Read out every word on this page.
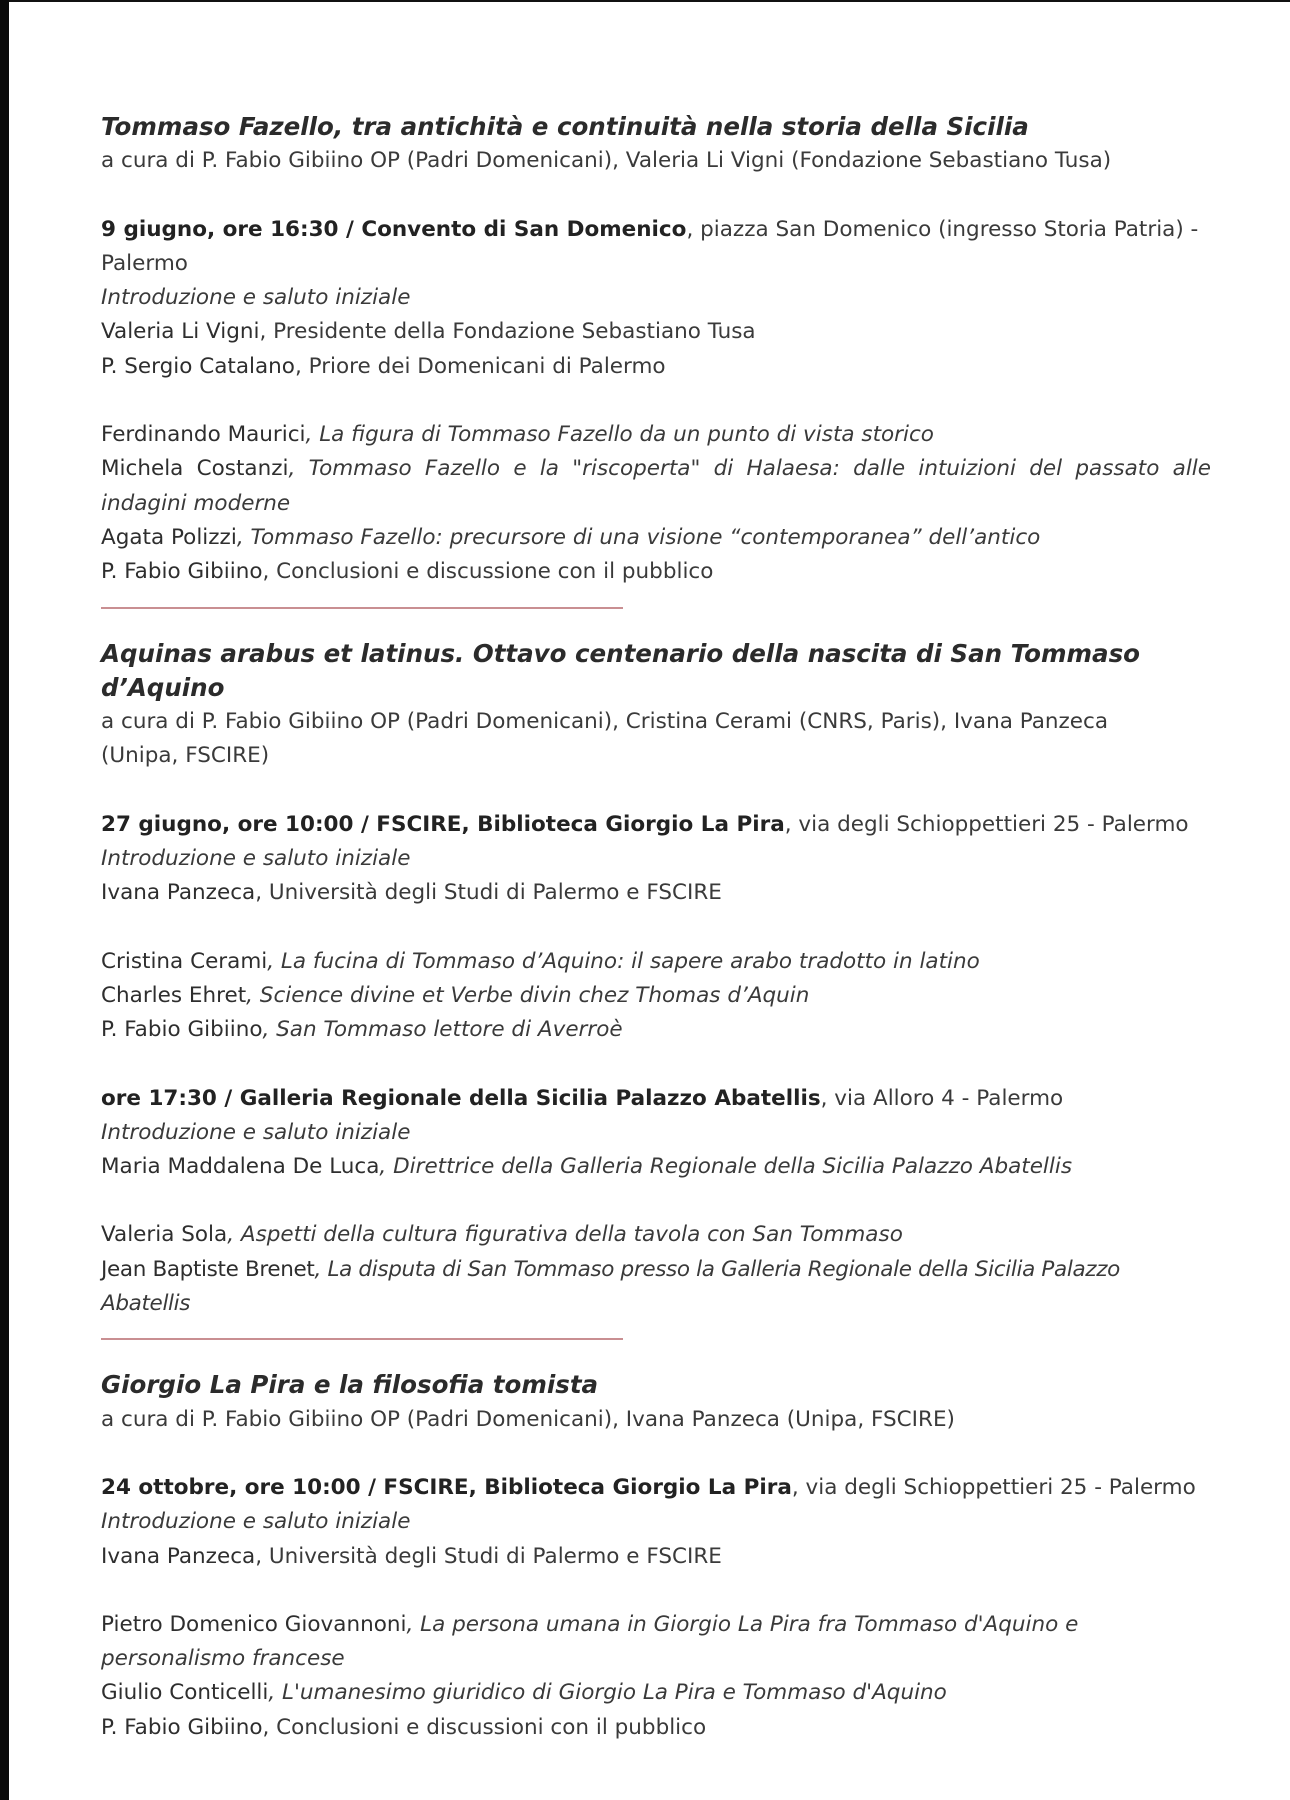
Tommaso Fazello, tra antichità e continuità nella storia della Sicilia

a cura di P. Fabio Gibiino OP (Padri Domenicani), Valeria Li Vigni (Fondazione Sebastiano Tusa)

9 giugno, ore 16:30 / Convento di San Domenico, piazza San Domenico (ingresso Storia Patria) - Palermo

Introduzione e saluto iniziale

Valeria Li Vigni, Presidente della Fondazione Sebastiano Tusa

P. Sergio Catalano, Priore dei Domenicani di Palermo

Ferdinando Maurici, La figura di Tommaso Fazello da un punto di vista storico

Michela Costanzi, Tommaso Fazello e la "riscoperta" di Halaesa: dalle intuizioni del passato alle indagini moderne

Agata Polizzi, Tommaso Fazello: precursore di una visione “contemporanea” dell’antico

P. Fabio Gibiino, Conclusioni e discussione con il pubblico

Aquinas arabus et latinus. Ottavo centenario della nascita di San Tommaso d’Aquino

a cura di P. Fabio Gibiino OP (Padri Domenicani), Cristina Cerami (CNRS, Paris), Ivana Panzeca

(Unipa, FSCIRE)

27 giugno, ore 10:00 / FSCIRE, Biblioteca Giorgio La Pira, via degli Schioppettieri 25 - Palermo

Introduzione e saluto iniziale

Ivana Panzeca, Università degli Studi di Palermo e FSCIRE

Cristina Cerami, La fucina di Tommaso d’Aquino: il sapere arabo tradotto in latino

Charles Ehret, Science divine et Verbe divin chez Thomas d’Aquin

P. Fabio Gibiino, San Tommaso lettore di Averroè

ore 17:30 / Galleria Regionale della Sicilia Palazzo Abatellis, via Alloro 4 - Palermo

Introduzione e saluto iniziale

Maria Maddalena De Luca, Direttrice della Galleria Regionale della Sicilia Palazzo Abatellis

Valeria Sola, Aspetti della cultura figurativa della tavola con San Tommaso

Jean Baptiste Brenet, La disputa di San Tommaso presso la Galleria Regionale della Sicilia Palazzo Abatellis

Giorgio La Pira e la filosofia tomista

a cura di P. Fabio Gibiino OP (Padri Domenicani), Ivana Panzeca (Unipa, FSCIRE)

24 ottobre, ore 10:00 / FSCIRE, Biblioteca Giorgio La Pira, via degli Schioppettieri 25 - Palermo

Introduzione e saluto iniziale

Ivana Panzeca, Università degli Studi di Palermo e FSCIRE

Pietro Domenico Giovannoni, La persona umana in Giorgio La Pira fra Tommaso d'Aquino e

personalismo francese

Giulio Conticelli, L'umanesimo giuridico di Giorgio La Pira e Tommaso d'Aquino

P. Fabio Gibiino, Conclusioni e discussioni con il pubblico
